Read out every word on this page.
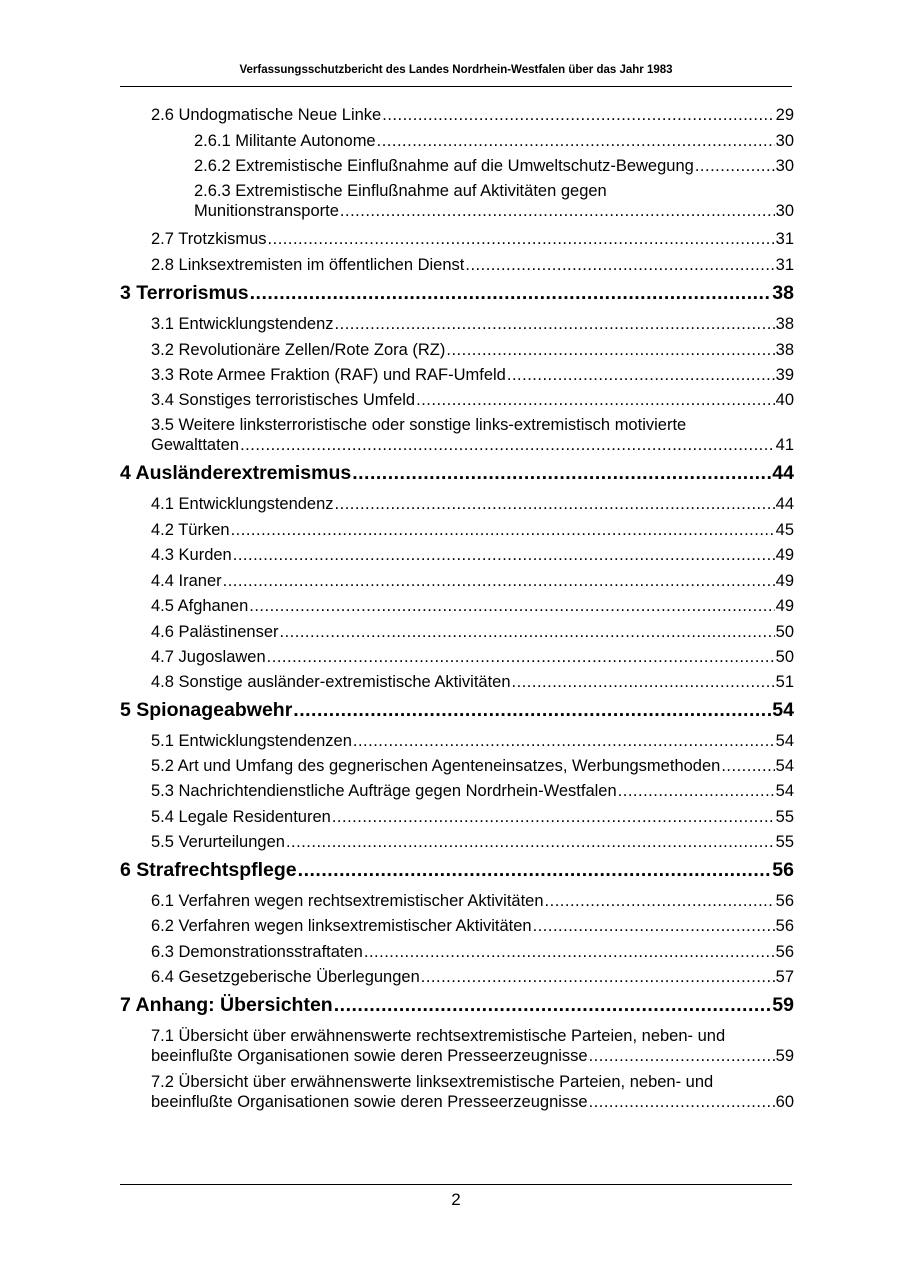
Verfassungsschutzbericht des Landes Nordrhein-Westfalen über das Jahr 1983
2.6 Undogmatische Neue Linke .....	29
2.6.1 Militante Autonome .....	30
2.6.2 Extremistische Einflußnahme auf die Umweltschutz-Bewegung .....	30
2.6.3 Extremistische Einflußnahme auf Aktivitäten gegen
Munitionstransporte .....	30
2.7 Trotzkismus .....	31
2.8 Linksextremisten im öffentlichen Dienst .....	31
3 Terrorismus .....	38
3.1 Entwicklungstendenz .....	38
3.2 Revolutionäre Zellen/Rote Zora (RZ) .....	38
3.3 Rote Armee Fraktion (RAF) und RAF-Umfeld .....	39
3.4 Sonstiges terroristisches Umfeld .....	40
3.5 Weitere linksterroristische oder sonstige links-extremistisch motivierte
Gewalttaten .....	41
4 Ausländerextremismus .....	44
4.1 Entwicklungstendenz .....	44
4.2 Türken .....	45
4.3 Kurden .....	49
4.4 Iraner .....	49
4.5 Afghanen .....	49
4.6 Palästinenser .....	50
4.7 Jugoslawen .....	50
4.8 Sonstige ausländer-extremistische Aktivitäten .....	51
5 Spionageabwehr .....	54
5.1 Entwicklungstendenzen .....	54
5.2 Art und Umfang des gegnerischen Agenteneinsatzes, Werbungsmethoden .....	54
5.3 Nachrichtendienstliche Aufträge gegen Nordrhein-Westfalen .....	54
5.4 Legale Residenturen .....	55
5.5 Verurteilungen .....	55
6 Strafrechtspflege .....	56
6.1 Verfahren wegen rechtsextremistischer Aktivitäten .....	56
6.2 Verfahren wegen linksextremistischer Aktivitäten .....	56
6.3 Demonstrationsstraftaten .....	56
6.4 Gesetzgeberische Überlegungen .....	57
7 Anhang: Übersichten .....	59
7.1 Übersicht über erwähnenswerte rechtsextremistische Parteien, neben- und
beeinflußte Organisationen sowie deren Presseerzeugnisse .....	59
7.2 Übersicht über erwähnenswerte linksextremistische Parteien, neben- und
beeinflußte Organisationen sowie deren Presseerzeugnisse .....	60
2
